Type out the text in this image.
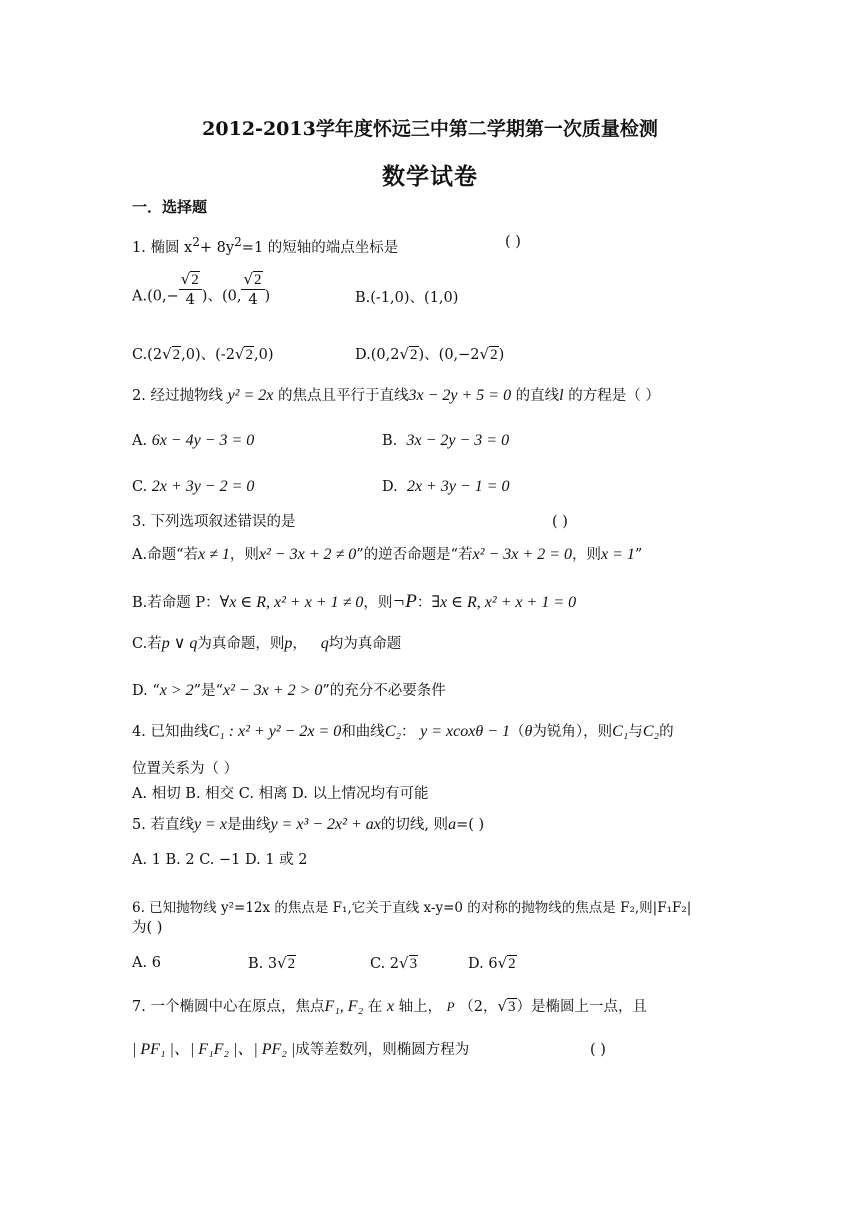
2012-2013学年度怀远三中第二学期第一次质量检测
数学试卷
一．选择题
1. 椭圆 $x^2+ 8y^2=1$ 的短轴的端点坐标是	( )
$A.(0,- \frac{√2}{4}$ )、(0, $\frac{√2}{4}$ )	B.(-1,0)、(1,0)
C.(2√2,0)、(-2√2,0)	D.(0,2√2)、(0,−2√2)
2. 经过抛物线 y² = 2x 的焦点且平行于直线3x − 2y + 5 = 0 的直线l 的方程是（ ）
A. 6x − 4y − 3 = 0	B. 3x − 2y − 3 = 0
C. 2x + 3y − 2 = 0	D. 2x + 3y − 1 = 0
3. 下列选项叙述错误的是	( )
A.命题“若x ≠ 1，则x² − 3x + 2 ≠ 0”的逆否命题是“若x² − 3x + 2 = 0，则x = 1”
B.若命题 P：∀x ∈ R, x² + x + 1 ≠ 0，则¬P：∃x ∈ R, x² + x + 1 = 0
C.若p ∨ q为真命题，则p， q均为真命题
D. “x > 2”是“x² − 3x + 2 > 0”的充分不必要条件
4. 已知曲线C₁ : x² + y² − 2x = 0和曲线C₂： y = xcoxθ − 1（θ为锐角），则C₁与C₂的
位置关系为（ ）
A. 相切 B. 相交 C. 相离 D. 以上情况均有可能
5. 若直线y = x是曲线y = x³ − 2x² + ax的切线, 则a=( )
A. 1 B. 2 C. −1 D. 1 或 2
6. 已知抛物线 y²=12x 的焦点是 F₁,它关于直线 x-y=0 的对称的抛物线的焦点是 F₂,则|F₁F₂|
为( )
A. 6	B. 3√2	C. 2√3	D. 6√2
7. 一个椭圆中心在原点，焦点F₁, F₂ 在 x 轴上， P （2，√3）是椭圆上一点，且
| PF₁ |、| F₁F₂ |、| PF₂ |成等差数列，则椭圆方程为	( )
